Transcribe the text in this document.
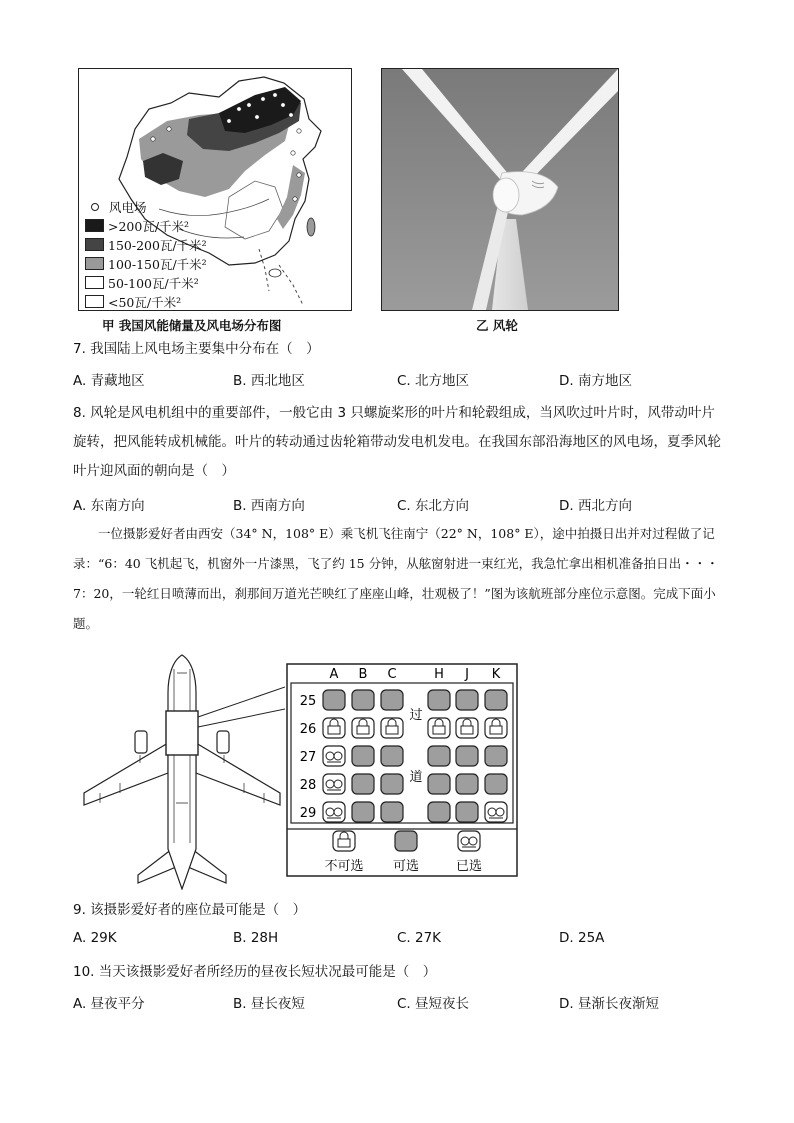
风电场
>200瓦/千米²
150-200瓦/千米²
100-150瓦/千米²
50-100瓦/千米²
<50瓦/千米²
甲 我国风能储量及风电场分布图	乙 风轮
7. 我国陆上风电场主要集中分布在（　）
A. 青藏地区	B. 西北地区	C. 北方地区	D. 南方地区
8. 风轮是风电机组中的重要部件，一般它由 3 只螺旋桨形的叶片和轮毂组成，当风吹过叶片时，风带动叶片旋转，把风能转成机械能。叶片的转动通过齿轮箱带动发电机发电。在我国东部沿海地区的风电场，夏季风轮叶片迎风面的朝向是（　）
A. 东南方向	B. 西南方向	C. 东北方向	D. 西北方向
一位摄影爱好者由西安（34° N，108° E）乘飞机飞往南宁（22° N，108° E），途中拍摄日出并对过程做了记录：“6：40 飞机起飞，机窗外一片漆黑，飞了约 15 分钟，从舷窗射进一束红光，我急忙拿出相机准备拍日出・・・7：20，一轮红日喷薄而出，刹那间万道光芒映红了座座山峰，壮观极了！”图为该航班部分座位示意图。完成下面小题。
A B C	H J K
25
26
27
28
29
过
道
不可选 可选	已选
9. 该摄影爱好者的座位最可能是（　）
A. 29K	B. 28H	C. 27K	D. 25A
10. 当天该摄影爱好者所经历的昼夜长短状况最可能是（　）
A. 昼夜平分	B. 昼长夜短	C. 昼短夜长	D. 昼渐长夜渐短
